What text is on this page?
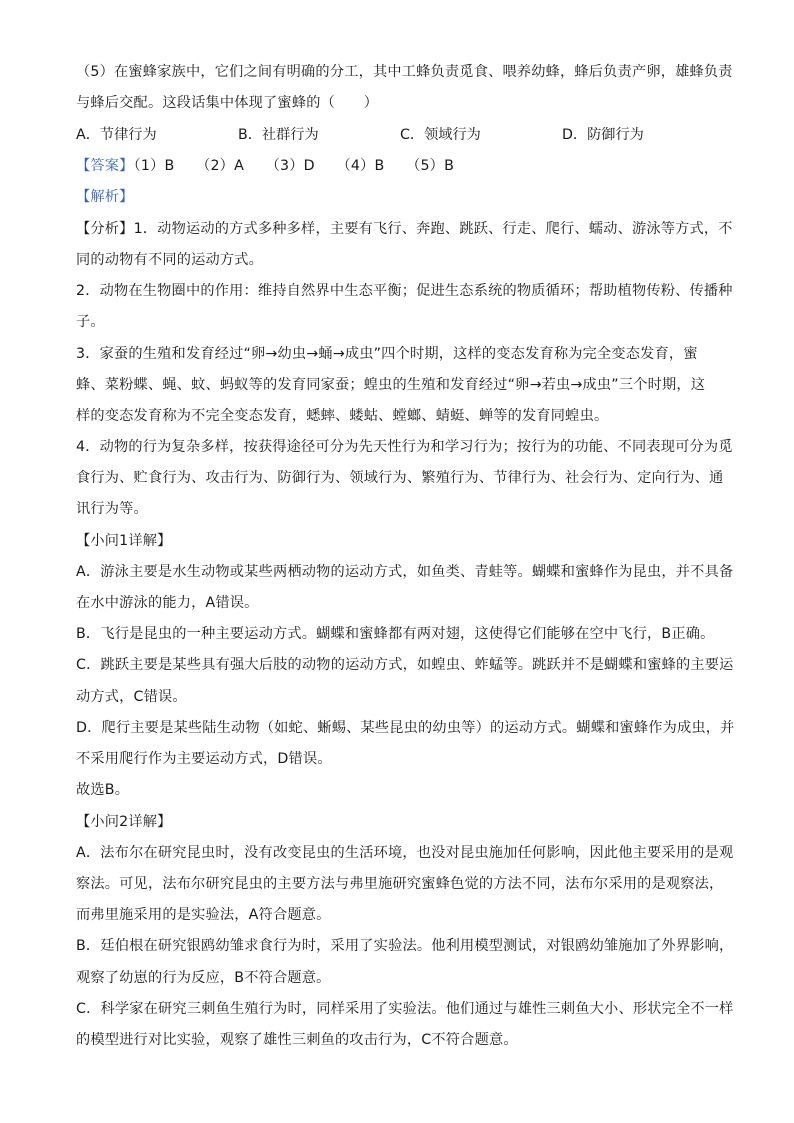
（5）在蜜蜂家族中，它们之间有明确的分工，其中工蜂负责觅食、喂养幼蜂，蜂后负责产卵，雄蜂负责
与蜂后交配。这段话集中体现了蜜蜂的（　　）
A．节律行为	B．社群行为	C．领域行为	D．防御行为
【答案】（1）B　　（2）A　　（3）D　　（4）B　　（5）B
【解析】
【分析】1．动物运动的方式多种多样，主要有飞行、奔跑、跳跃、行走、爬行、蠕动、游泳等方式，不
同的动物有不同的运动方式。
2．动物在生物圈中的作用：维持自然界中生态平衡；促进生态系统的物质循环；帮助植物传粉、传播种
子。
3．家蚕的生殖和发育经过“卵→幼虫→蛹→成虫”四个时期，这样的变态发育称为完全变态发育，蜜
蜂、菜粉蝶、蝇、蚊、蚂蚁等的发育同家蚕；蝗虫的生殖和发育经过“卵→若虫→成虫”三个时期，这
样的变态发育称为不完全变态发育，蟋蟀、蝼蛄、螳螂、蜻蜓、蝉等的发育同蝗虫。
4．动物的行为复杂多样，按获得途径可分为先天性行为和学习行为；按行为的功能、不同表现可分为觅
食行为、贮食行为、攻击行为、防御行为、领域行为、繁殖行为、节律行为、社会行为、定向行为、通
讯行为等。
【小问1详解】
A．游泳主要是水生动物或某些两栖动物的运动方式，如鱼类、青蛙等。蝴蝶和蜜蜂作为昆虫，并不具备
在水中游泳的能力，A错误。
B．飞行是昆虫的一种主要运动方式。蝴蝶和蜜蜂都有两对翅，这使得它们能够在空中飞行，B正确。
C．跳跃主要是某些具有强大后肢的动物的运动方式，如蝗虫、蚱蜢等。跳跃并不是蝴蝶和蜜蜂的主要运
动方式，C错误。
D．爬行主要是某些陆生动物（如蛇、蜥蜴、某些昆虫的幼虫等）的运动方式。蝴蝶和蜜蜂作为成虫，并
不采用爬行作为主要运动方式，D错误。
故选B。
【小问2详解】
A．法布尔在研究昆虫时，没有改变昆虫的生活环境，也没对昆虫施加任何影响，因此他主要采用的是观
察法。可见，法布尔研究昆虫的主要方法与弗里施研究蜜蜂色觉的方法不同，法布尔采用的是观察法，
而弗里施采用的是实验法，A符合题意。
B．廷伯根在研究银鸥幼雏求食行为时，采用了实验法。他利用模型测试，对银鸥幼雏施加了外界影响，
观察了幼崽的行为反应，B不符合题意。
C．科学家在研究三刺鱼生殖行为时，同样采用了实验法。他们通过与雄性三刺鱼大小、形状完全不一样
的模型进行对比实验，观察了雄性三刺鱼的攻击行为，C不符合题意。
